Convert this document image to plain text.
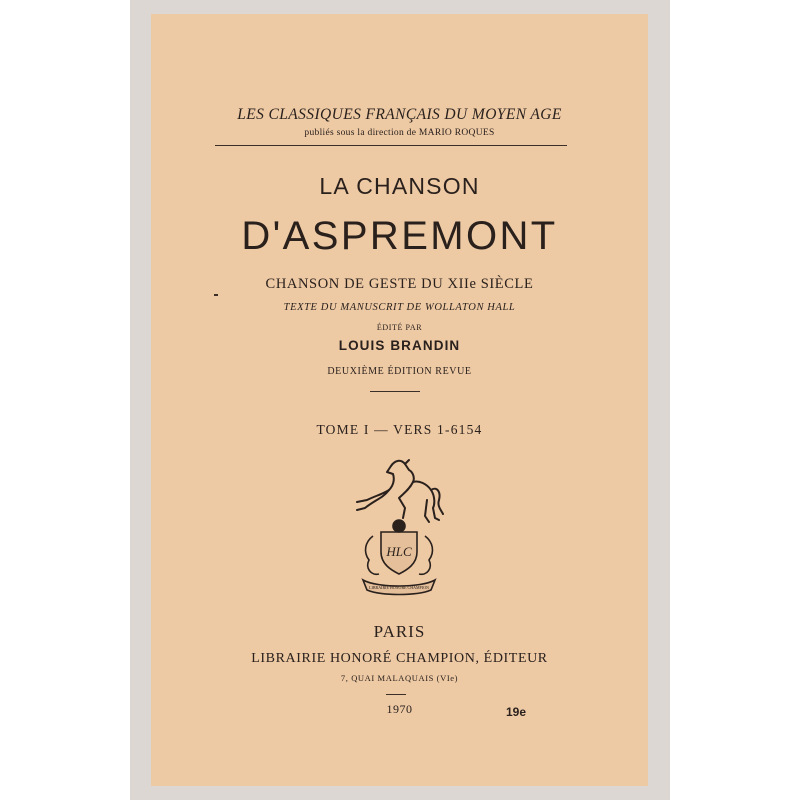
LES CLASSIQUES FRANÇAIS DU MOYEN AGE
publiés sous la direction de MARIO ROQUES
LA CHANSON
D'ASPREMONT
CHANSON DE GESTE DU XIIe SIÈCLE
TEXTE DU MANUSCRIT DE WOLLATON HALL
ÉDITÉ PAR
LOUIS BRANDIN
DEUXIÈME ÉDITION REVUE
TOME I — VERS 1-6154
HLC
LIBRAIRIE HONORÉ CHAMPION
PARIS
LIBRAIRIE HONORÉ CHAMPION, ÉDITEUR
7, QUAI MALAQUAIS (VIe)
1970	19e
